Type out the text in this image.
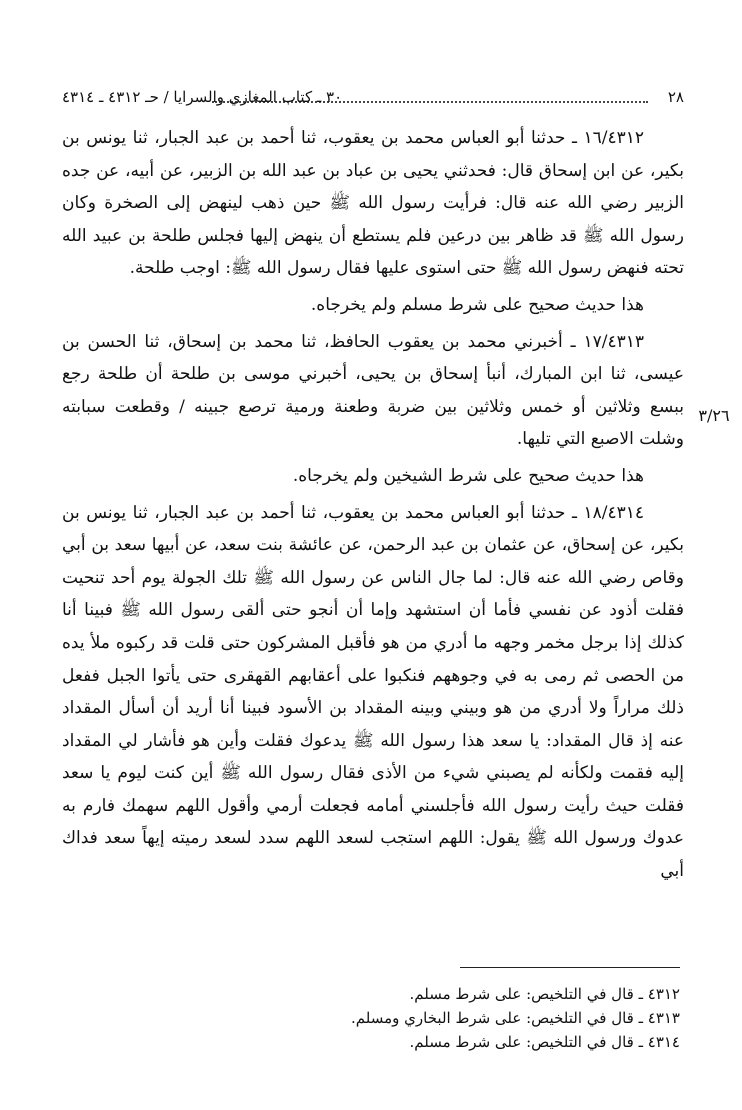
٢٨
٣٠ ـ كتاب المغازي والسرايا / حـ ٤٣١٢ ـ ٤٣١٤
٣/٢٦

١٦/٤٣١٢ ـ حدثنا أبو العباس محمد بن يعقوب، ثنا أحمد بن عبد الجبار، ثنا يونس بن بكير، عن ابن إسحاق قال: فحدثني يحيى بن عباد بن عبد الله بن الزبير، عن أبيه، عن جده الزبير رضي الله عنه قال: فرأيت رسول الله ﷺ حين ذهب لينهض إلى الصخرة وكان رسول الله ﷺ قد ظاهر بين درعين فلم يستطع أن ينهض إليها فجلس طلحة بن عبيد الله تحته فنهض رسول الله ﷺ حتى استوى عليها فقال رسول الله ﷺ: اوجب طلحة.

هذا حديث صحيح على شرط مسلم ولم يخرجاه.

١٧/٤٣١٣ ـ أخبرني محمد بن يعقوب الحافظ، ثنا محمد بن إسحاق، ثنا الحسن بن عيسى، ثنا ابن المبارك، أنبأ إسحاق بن يحيى، أخبرني موسى بن طلحة أن طلحة رجع ببسع وثلاثين أو خمس وثلاثين بين ضربة وطعنة ورمية ترصع جبينه / وقطعت سبابته وشلت الاصبع التي تليها.

هذا حديث صحيح على شرط الشيخين ولم يخرجاه.

١٨/٤٣١٤ ـ حدثنا أبو العباس محمد بن يعقوب، ثنا أحمد بن عبد الجبار، ثنا يونس بن بكير، عن إسحاق، عن عثمان بن عبد الرحمن، عن عائشة بنت سعد، عن أبيها سعد بن أبي وقاص رضي الله عنه قال: لما جال الناس عن رسول الله ﷺ تلك الجولة يوم أحد تنحيت فقلت أذود عن نفسي فأما أن استشهد وإما أن أنجو حتى ألقى رسول الله ﷺ فبينا أنا كذلك إذا برجل مخمر وجهه ما أدري من هو فأقبل المشركون حتى قلت قد ركبوه ملأ يده من الحصى ثم رمى به في وجوههم فنكبوا على أعقابهم القهقرى حتى يأتوا الجبل ففعل ذلك مراراً ولا أدري من هو وبيني وبينه المقداد بن الأسود فبينا أنا أريد أن أسأل المقداد عنه إذ قال المقداد: يا سعد هذا رسول الله ﷺ يدعوك فقلت وأين هو فأشار لي المقداد إليه فقمت ولكأنه لم يصبني شيء من الأذى فقال رسول الله ﷺ أين كنت ليوم يا سعد فقلت حيث رأيت رسول الله فأجلسني أمامه فجعلت أرمي وأقول اللهم سهمك فارم به عدوك ورسول الله ﷺ يقول: اللهم استجب لسعد اللهم سدد لسعد رميته إيهاً سعد فداك أبي

٤٣١٢ ـ قال في التلخيص: على شرط مسلم.
٤٣١٣ ـ قال في التلخيص: على شرط البخاري ومسلم.
٤٣١٤ ـ قال في التلخيص: على شرط مسلم.
